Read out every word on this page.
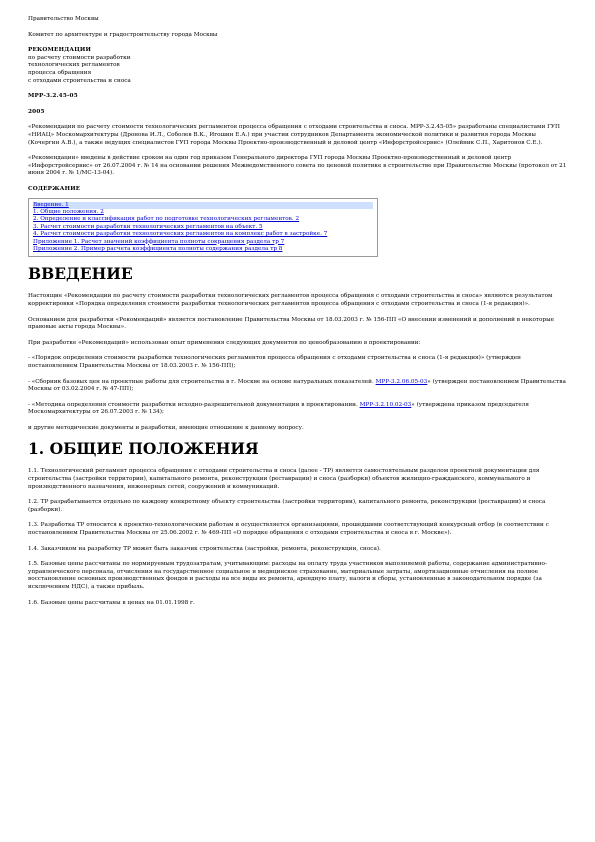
Правительство Москвы
Комитет по архитектуре и градостроительству города Москвы
РЕКОМЕНДАЦИИ
по расчету стоимости разработки
технологических регламентов
процесса обращения
с отходами строительства и сноса
МРР-3.2.45-05
2005
«Рекомендации по расчету стоимости технологических регламентов процесса обращения с отходами строительства и сноса. МРР-3.2.45-05» разработаны специалистами ГУП «НИАЦ» Москомархитектуры (Дронова И.Л., Соболев В.К., Игошин Е.А.) при участии сотрудников Департамента экономической политики и развития города Москвы (Кочергин А.В.), а также ведущих специалистов ГУП города Москвы Проектно-производственный и деловой центр «Инфорстройсервис» (Олейник С.П., Харитонов С.Е.).
«Рекомендации» введены в действие сроком на один год приказом Генерального директора ГУП города Москвы Проектно-производственный и деловой центр «Инфорстройсервис» от 26.07.2004 г. № 14 на основании решения Межведомственного совета по ценовой политике в строительстве при Правительстве Москвы (протокол от 21 июня 2004 г. № 1/МС-13-04).
СОДЕРЖАНИЕ
Введение. 1
1. Общие положения. 2
2. Определение и классификация работ по подготовке технологических регламентов. 2
3. Расчет стоимости разработки технологических регламентов на объект. 5
4. Расчет стоимости разработки технологических регламентов на комплекс работ в застройке. 7
Приложение 1. Расчет значений коэффициента полноты сокращения раздела тр 7
Приложение 2. Пример расчета коэффициента полноты содержания раздела тр 8
ВВЕДЕНИЕ
Настоящие «Рекомендации по расчету стоимости разработки технологических регламентов процесса обращения с отходами строительства и сноса» являются результатом корректировки «Порядка определения стоимости разработки технологических регламентов процесса обращения с отходами строительства и сноса (1-я редакция)».
Основанием для разработки «Рекомендаций» является постановление Правительства Москвы от 18.03.2003 г. № 156-ПП «О внесении изменений и дополнений в некоторые правовые акты города Москвы».
При разработке «Рекомендаций» использован опыт применения следующих документов по ценообразованию в проектировании:
- «Порядок определения стоимости разработки технологических регламентов процесса обращения с отходами строительства и сноса (1-я редакция)» (утвержден постановлением Правительства Москвы от 18.03.2003 г. № 156-ПП);
- «Сборник базовых цен на проектные работы для строительства в г. Москве на основе натуральных показателей. МРР-3.2.06.05-03» (утвержден постановлением Правительства Москвы от 03.02.2004 г. № 47-ПП);
- «Методика определения стоимости разработки исходно-разрешительной документации в проектировании. МРР-3.2.10.02-03» (утверждена приказом председателя Москомархитектуры от 26.07.2003 г. № 134);
и другие методические документы и разработки, имеющие отношение к данному вопросу.
1. ОБЩИЕ ПОЛОЖЕНИЯ
1.1. Технологический регламент процесса обращения с отходами строительства и сноса (далее - ТР) является самостоятельным разделом проектной документации для строительства (застройки территории), капитального ремонта, реконструкции (реставрации) и сноса (разборки) объектов жилищно-гражданского, коммунального и производственного назначения, инженерных сетей, сооружений и коммуникаций.
1.2. ТР разрабатывается отдельно по каждому конкретному объекту строительства (застройки территории), капитального ремонта, реконструкции (реставрации) и сноса (разборки).
1.3. Разработка ТР относится к проектно-технологическим работам и осуществляется организациями, прошедшими соответствующий конкурсный отбор (в соответствии с постановлением Правительства Москвы от 25.06.2002 г. № 469-ПП «О порядке обращения с отходами строительства и сноса в г. Москве»).
1.4. Заказчиком на разработку ТР может быть заказчик строительства (застройки, ремонта, реконструкции, сноса).
1.5. Базовые цены рассчитаны по нормируемым трудозатратам, учитывающим: расходы на оплату труда участников выполняемой работы, содержание административно-управленческого персонала, отчисления на государственное социальное и медицинское страхование, материальные затраты, амортизационные отчисления на полное восстановление основных производственных фондов и расходы на все виды их ремонта, арендную плату, налоги и сборы, установленные в законодательном порядке (за исключением НДС), а также прибыль.
1.6. Базовые цены рассчитаны в ценах на 01.01.1998 г.
